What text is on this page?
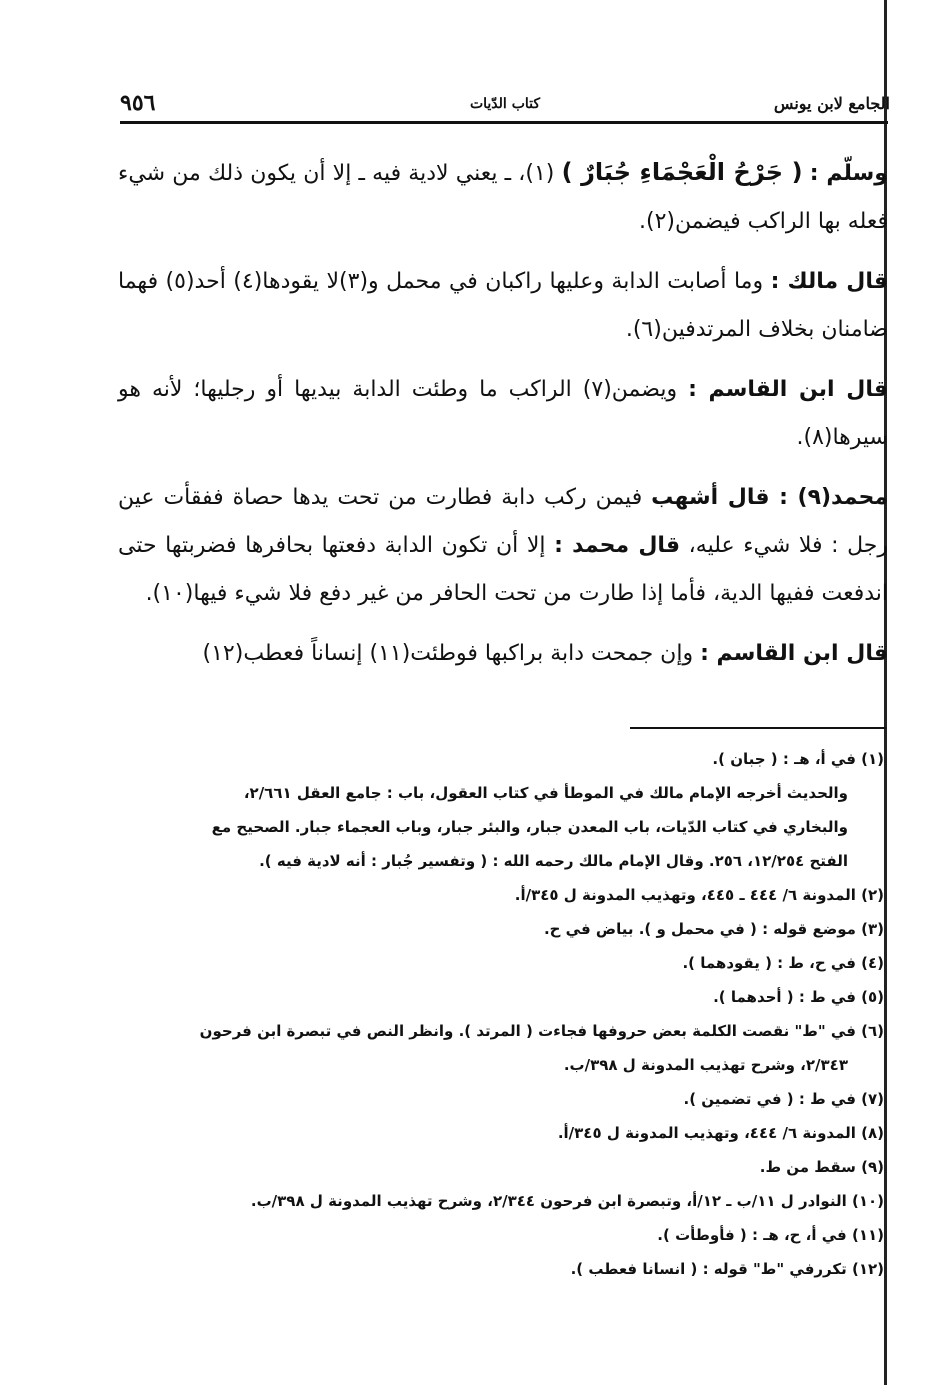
الجامع لابن يونس
كتاب الدّيات
٩٥٦

وسلّم : ( جَرْحُ الْعَجْمَاءِ جُبَارٌ ) (١)، ـ يعني لادية فيه ـ إلا أن يكون ذلك من شيء فعله بها الراكب فيضمن(٢).

قال مالك : وما أصابت الدابة وعليها راكبان في محمل و(٣)لا يقودها(٤) أحد(٥) فهما ضامنان بخلاف المرتدفين(٦).

قال ابن القاسم : ويضمن(٧) الراكب ما وطئت الدابة بيديها أو رجليها؛ لأنه هو سيرها(٨).

محمد(٩) : قال أشهب فيمن ركب دابة فطارت من تحت يدها حصاة ففقأت عين رجل : فلا شيء عليه، قال محمد : إلا أن تكون الدابة دفعتها بحافرها فضربتها حتى اندفعت ففيها الدية، فأما إذا طارت من تحت الحافر من غير دفع فلا شيء فيها(١٠).

قال ابن القاسم : وإن جمحت دابة براكبها فوطئت(١١) إنساناً فعطب(١٢)

(١) في أ، هـ : ( جبان ).

والحديث أخرجه الإمام مالك في الموطأ في كتاب العقول، باب : جامع العقل ٢/٦٦١،

والبخاري في كتاب الدّيات، باب المعدن جبار، والبئر جبار، وباب العجماء جبار. الصحيح مع

الفتح ١٢/٢٥٤، ٢٥٦. وقال الإمام مالك رحمه الله : ( وتفسير جُبار : أنه لادية فيه ).

(٢) المدونة ٦/ ٤٤٤ ـ ٤٤٥، وتهذيب المدونة ل ٣٤٥/أ.

(٣) موضع قوله : ( في محمل و ). بياض في ح.

(٤) في ح، ط : ( يقودهما ).

(٥) في ط : ( أحدهما ).

(٦) في "ط" نقصت الكلمة بعض حروفها فجاءت ( المرتد ). وانظر النص في تبصرة ابن فرحون

٢/٣٤٣، وشرح تهذيب المدونة ل ٣٩٨/ب.

(٧) في ط : ( في تضمين ).

(٨) المدونة ٦/ ٤٤٤، وتهذيب المدونة ل ٣٤٥/أ.

(٩) سقط من ط.

(١٠) النوادر ل ١١/ب ـ ١٢/أ، وتبصرة ابن فرحون ٢/٣٤٤، وشرح تهذيب المدونة ل ٣٩٨/ب.

(١١) في أ، ح، هـ : ( فأوطأت ).

(١٢) تكررفي "ط" قوله : ( انسانا فعطب ).
